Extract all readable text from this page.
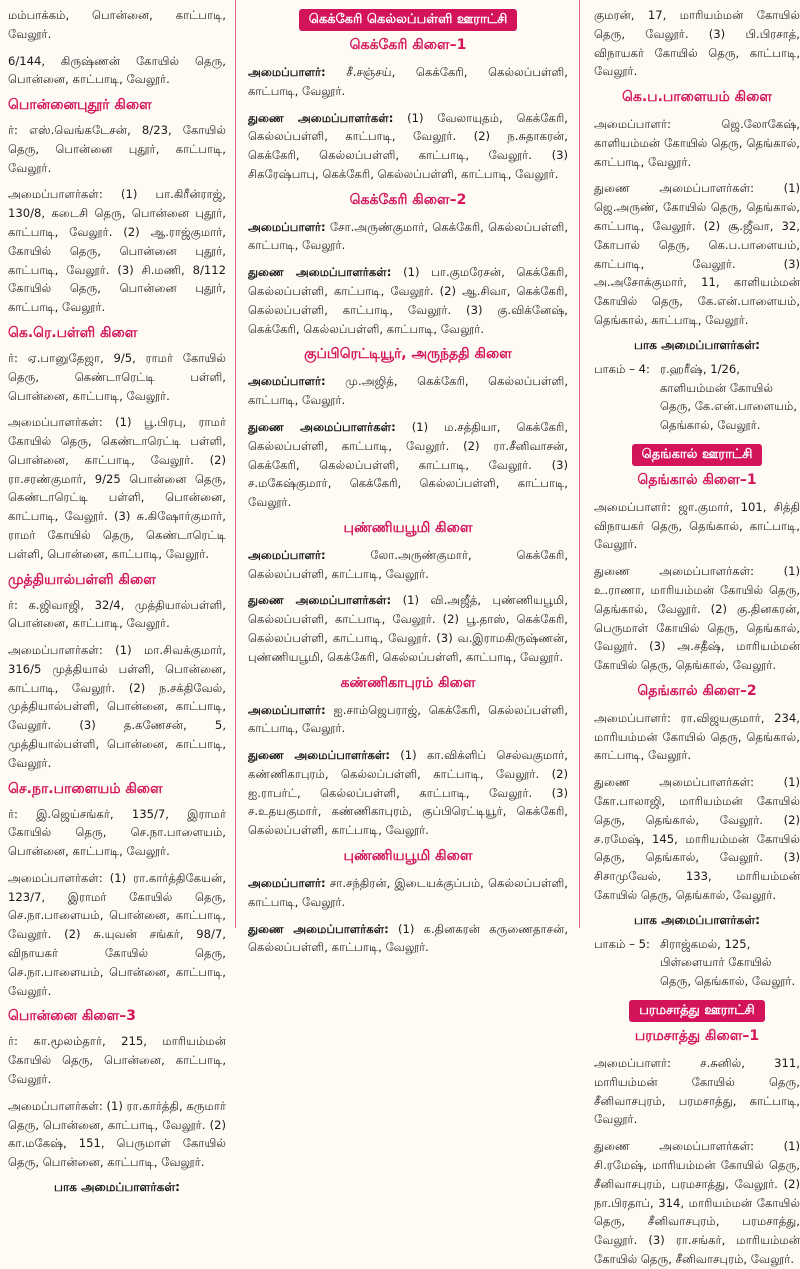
மம்பாக்கம், பொன்னை, காட்பாடி, வேலூர்.

6/144, கிருஷ்ணன் கோயில் தெரு, பொன்னை, காட்பாடி, வேலூர்.

பொன்னைபுதூர் கிளை

ர்: எஸ்.வெங்கடேசன், 8/23, கோயில் தெரு, பொன்னை புதூர், காட்பாடி, வேலூர்.

அமைப்பாளர்கள்: (1) பா.கிரீன்ராஜ், 130/8, கடைசி தெரு, பொன்னை புதூர், காட்பாடி, வேலூர். (2) ஆ.ராஜ்குமார், கோயில் தெரு, பொன்னை புதூர், காட்பாடி, வேலூர். (3) சி.மணி, 8/112 கோயில் தெரு, பொன்னை புதூர், காட்பாடி, வேலூர்.

கெ.ரெ.பள்ளி கிளை

ர்: ஏ.பானுதேஜா, 9/5, ராமர் கோயில் தெரு, கெண்டாரெட்டி பள்ளி, பொன்னை, காட்பாடி, வேலூர்.

அமைப்பாளர்கள்: (1) பூ.பிரபு, ராமர் கோயில் தெரு, கெண்டாரெட்டி பள்ளி, பொன்னை, காட்பாடி, வேலூர். (2) ரா.சரண்குமார், 9/25 பொன்னை தெரு, கெண்டாரெட்டி பள்ளி, பொன்னை, காட்பாடி, வேலூர். (3) சு.கிஷோர்குமார், ராமர் கோயில் தெரு, கெண்டாரெட்டி பள்ளி, பொன்னை, காட்பாடி, வேலூர்.

முத்தியால்பள்ளி கிளை

ர்: க.ஜிவாஜி, 32/4, முத்தியால்பள்ளி, பொன்னை, காட்பாடி, வேலூர்.

அமைப்பாளர்கள்: (1) மா.சிவக்குமார், 316/5 முத்தியால் பள்ளி, பொன்னை, காட்பாடி, வேலூர். (2) ந.சக்திவேல், முத்தியால்பள்ளி, பொன்னை, காட்பாடி, வேலூர். (3) த.கணேசன், 5, முத்தியால்பள்ளி, பொன்னை, காட்பாடி, வேலூர்.

செ.நா.பாளையம் கிளை

ர்: இ.ஜெய்சங்கர், 135/7, இராமர் கோயில் தெரு, செ.நா.பாளையம், பொன்னை, காட்பாடி, வேலூர்.

அமைப்பாளர்கள்: (1) ரா.கார்த்திகேயன், 123/7, இராமர் கோயில் தெரு, செ.நா.பாளையம், பொன்னை, காட்பாடி, வேலூர். (2) சு.யுவன் சங்கர், 98/7, விநாயகர் கோயில் தெரு, செ.நா.பாளையம், பொன்னை, காட்பாடி, வேலூர்.

பொன்னை கிளை–3

ர்: கா.மூலம்தார், 215, மாரியம்மன் கோயில் தெரு, பொன்னை, காட்பாடி, வேலூர்.

அமைப்பாளர்கள்: (1) ரா.கார்த்தி, கருமார் தெரு, பொன்னை, காட்பாடி, வேலூர். (2) கா.மகேஷ், 151, பெருமாள் கோயில் தெரு, பொன்னை, காட்பாடி, வேலூர்.

பாக அமைப்பாளர்கள்:
கெக்கேரி கெல்லப்பள்ளி ஊராட்சி
கெக்கேரி கிளை–1

அமைப்பாளர்: சீ.சஞ்சய், கெக்கேரி, கெல்லப்பள்ளி, காட்பாடி, வேலூர்.

துணை அமைப்பாளர்கள்: (1) வேலாயுதம், கெக்கேரி, கெல்லப்பள்ளி, காட்பாடி, வேலூர். (2) ந.சுதாகரன், கெக்கேரி, கெல்லப்பள்ளி, காட்பாடி, வேலூர். (3) சிகரேஷ்பாபு, கெக்கேரி, கெல்லப்பள்ளி, காட்பாடி, வேலூர்.

கெக்கேரி கிளை–2

அமைப்பாளர்: சோ.அருண்குமார், கெக்கேரி, கெல்லப்பள்ளி, காட்பாடி, வேலூர்.

துணை அமைப்பாளர்கள்: (1) பா.குமரேசன், கெக்கேரி, கெல்லப்பள்ளி, காட்பாடி, வேலூர். (2) ஆ.சிவா, கெக்கேரி, கெல்லப்பள்ளி, காட்பாடி, வேலூர். (3) கு.விக்னேஷ், கெக்கேரி, கெல்லப்பள்ளி, காட்பாடி, வேலூர்.

குப்பிரெட்டியூர், அருந்ததி கிளை

அமைப்பாளர்: மு.அஜித், கெக்கேரி, கெல்லப்பள்ளி, காட்பாடி, வேலூர்.

துணை அமைப்பாளர்கள்: (1) ம.சத்தியா, கெக்கேரி, கெல்லப்பள்ளி, காட்பாடி, வேலூர். (2) ரா.சீனிவாசன், கெக்கேரி, கெல்லப்பள்ளி, காட்பாடி, வேலூர். (3) ச.மகேஷ்குமார், கெக்கேரி, கெல்லப்பள்ளி, காட்பாடி, வேலூர்.

புண்ணியபூமி கிளை

அமைப்பாளர்:	லோ.அருண்குமார், கெக்கேரி, கெல்லப்பள்ளி, காட்பாடி, வேலூர்.

துணை அமைப்பாளர்கள்: (1) வி.அஜீத், புண்ணியபூமி, கெல்லப்பள்ளி, காட்பாடி, வேலூர். (2) பூ.தாஸ், கெக்கேரி, கெல்லப்பள்ளி, காட்பாடி, வேலூர். (3) வ.இராமகிருஷ்ணன், புண்ணியபூமி, கெக்கேரி, கெல்லப்பள்ளி, காட்பாடி, வேலூர்.

கண்ணிகாபுரம் கிளை

அமைப்பாளர்: ஐ.சாம்ஜெபராஜ், கெக்கேரி, கெல்லப்பள்ளி, காட்பாடி, வேலூர்.

துணை அமைப்பாளர்கள்: (1) கா.விக்ளிப் செல்வகுமார், கண்ணிகாபுரம், கெல்லப்பள்ளி, காட்பாடி, வேலூர். (2) ஐ.ராபர்ட், கெல்லப்பள்ளி, காட்பாடி, வேலூர். (3) ச.உதயகுமார், கண்ணிகாபுரம், குப்பிரெட்டியூர், கெக்கேரி, கெல்லப்பள்ளி, காட்பாடி, வேலூர்.

புண்ணியபூமி கிளை

அமைப்பாளர்: சா.சந்திரன், இடையக்குப்பம், கெல்லப்பள்ளி, காட்பாடி, வேலூர்.

துணை அமைப்பாளர்கள்: (1) க.தினகரன் கருணைதாசன், கெல்லப்பள்ளி, காட்பாடி, வேலூர்.

குமரன், 17, மாரியம்மன் கோயில் தெரு, வேலூர். (3) பி.பிரசாத், விநாயகர் கோயில் தெரு, காட்பாடி, வேலூர்.

கெ.ப.பாளையம் கிளை

அமைப்பாளர்: ஜெ.லோகேஷ், காளியம்மன் கோயில் தெரு, தெங்கால், காட்பாடி, வேலூர்.

துணை அமைப்பாளர்கள்: (1) ஜெ.அருண், கோயில் தெரு, தெங்கால், காட்பாடி, வேலூர். (2) சூ.ஜீவா, 32, கோபால் தெரு, கெ.ப.பாளையம், காட்பாடி, வேலூர். (3) அ.அசோக்குமார், 11, காளியம்மன் கோயில் தெரு, கே.என்.பாளையம், தெங்கால், காட்பாடி, வேலூர்.

பாக அமைப்பாளர்கள்:
பாகம் – 4 : ர.ஹரீஷ், 1/26, காளியம்மன் கோயில் தெரு, கே.என்.பாளையம், தெங்கால், வேலூர்.
தெங்கால் ஊராட்சி
தெங்கால் கிளை–1

அமைப்பாளர்: ஜா.குமார், 101, சித்தி விநாயகர் தெரு, தெங்கால், காட்பாடி, வேலூர்.

துணை அமைப்பாளர்கள்: (1) உ.ராணா, மாரியம்மன் கோயில் தெரு, தெங்கால், வேலூர். (2) கு.தினகரன், பெருமாள் கோயில் தெரு, தெங்கால், வேலூர். (3) அ.சதீஷ், மாரியம்மன் கோயில் தெரு, தெங்கால், வேலூர்.

தெங்கால் கிளை–2

அமைப்பாளர்: ரா.விஜயகுமார், 234, மாரியம்மன் கோயில் தெரு, தெங்கால், காட்பாடி, வேலூர்.

துணை அமைப்பாளர்கள்: (1) கோ.பாலாஜி, மாரியம்மன் கோயில் தெரு, தெங்கால், வேலூர். (2) ச.ரமேஷ், 145, மாரியம்மன் கோயில் தெரு, தெங்கால், வேலூர். (3) சிசாமுவேல், 133, மாரியம்மன் கோயில் தெரு, தெங்கால், வேலூர்.

பாக அமைப்பாளர்கள்:
பாகம் – 5 : சிராஜ்கமல், 125, பிள்ளையார் கோயில் தெரு, தெங்கால், வேலூர்.
பரமசாத்து ஊராட்சி
பரமசாத்து கிளை–1

அமைப்பாளர்: ச.சுனில், 311, மாரியம்மன் கோயில் தெரு, சீனிவாசபுரம், பரமசாத்து, காட்பாடி, வேலூர்.

துணை அமைப்பாளர்கள்: (1) சி.ரமேஷ், மாரியம்மன் கோயில் தெரு, சீனிவாசபுரம், பரமசாத்து, வேலூர். (2) நா.பிரதாப், 314, மாரியம்மன் கோயில் தெரு, சீனிவாசபுரம், பரமசாத்து, வேலூர். (3) ரா.சங்கர், மாரியம்மன் கோயில் தெரு, சீனிவாசபுரம், வேலூர்.
